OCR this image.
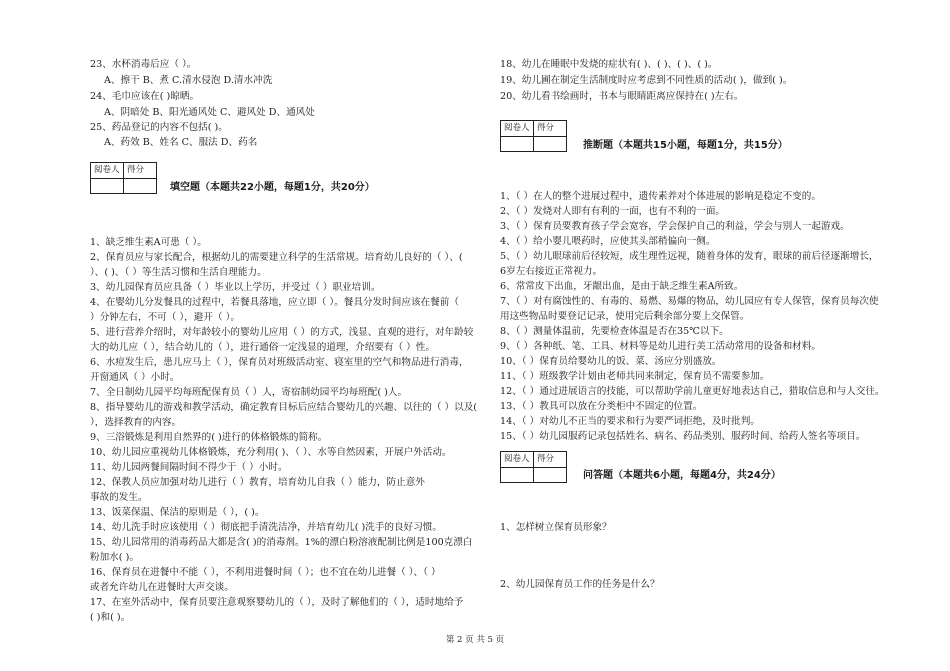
23、水杯消毒后应（ ）。
A、擦干 B、煮 C.清水侵泡 D.清水冲洗
24、毛巾应该在( )晾晒。
A、阴暗处 B、阳光通风处 C、避风处 D、通风处
25、药品登记的内容不包括( )。
A、药效 B、姓名 C、服法 D、药名
阅卷人	得分

填空题（本题共22小题，每题1分，共20分）
1、缺乏维生素A可患（ ）。
2、保育员应与家长配合，根据幼儿的需要建立科学的生活常规。培育幼儿良好的（ ）、(
）、( )、（ ）等生活习惯和生活自理能力。
3、幼儿园保育员应具备（ ）毕业以上学历，并受过（ ）职业培训。
4、在婴幼儿分发餐具的过程中，若餐具落地，应立即（ ）。餐具分发时间应该在餐前（
）分钟左右，不可（ ），避开（ ）。
5、进行营养介绍时，对年龄较小的婴幼儿应用（ ）的方式，浅显、直观的进行，对年龄较
大的幼儿应（ ），结合幼儿的（ ），进行通俗一定浅显的道理，介绍要有（ ）性。
6、水痘发生后，患儿应马上（ ），保育员对班级活动室、寝室里的空气和物品进行消毒，
开窗通风（ ）小时。
7、全日制幼儿园平均每班配保育员（ ）人，寄宿制幼园平均每班配( )人。
8、指导婴幼儿的游戏和教学活动，确定教育目标后应结合婴幼儿的兴趣、以往的（ ）以及(
），选择教育的内容。
9、三浴锻炼是利用自然界的( )进行的体格锻炼的简称。
10、幼儿园应重视幼儿体格锻炼，充分利用( )、（ ）、水等自然因素，开展户外活动。
11、幼儿园两餐间隔时间不得少于（ ）小时。
12、保教人员应加强对幼儿进行（ ）教育，培育幼儿自我（ ）能力，防止意外
事故的发生。
13、饭菜保温、保洁的原则是（ ），( )。
14、幼儿洗手时应该使用（ ）彻底把手清洗洁净，并培育幼儿( )洗手的良好习惯。
15、幼儿园常用的消毒药品大都是含( )的消毒剂。1%的漂白粉溶液配制比例是100克漂白
粉加水( )。
16、保育员在进餐中不能（ ），不利用进餐时间（ ）；也不宜在幼儿进餐（ ）、（ ）
或者允许幼儿在进餐时大声交谈。
17、在室外活动中，保育员要注意观察婴幼儿的（ ），及时了解他们的（ ），适时地给予
( )和( )。
18、幼儿在睡眠中发烧的症状有( )、( )、( )、( )。
19、幼儿圃在制定生活制度时应考虑到不同性质的活动( )，做到( )。
20、幼儿看书绘画时，书本与眼睛距离应保持在( )左右。
阅卷人	得分

推断题（本题共15小题，每题1分，共15分）
1、（ ）在人的整个进展过程中，遗传素养对个体进展的影响是稳定不变的。
2、（ ）发烧对人即有有利的一面，也有不利的一面。
3、（ ）保育员要教育孩子学会宽容，学会保护自己的利益，学会与别人一起游戏。
4、（ ）给小婴儿喂药时，应使其头部稍偏向一侧。
5、（ ）幼儿眼球前后径较短，成生理性远视，随着身体的发育，眼球的前后径逐渐增长，
6岁左右接近正常视力。
6、常常皮下出血，牙龈出血，是由于缺乏维生素A所致。
7、（ ）对有腐蚀性的、有毒的、易燃、易爆的物品，幼儿园应有专人保管，保育员每次使
用这些物品时要登记记录，使用完后剩余部分要上交保管。
8、（ ）测量体温前，先要检查体温是否在35℃以下。
9、（ ）各种纸、笔、工具、材料等是幼儿进行美工活动常用的设备和材料。
10、（ ）保育员给婴幼儿的饭、菜、汤应分别盛放。
11、（ ）班级教学计划由老师共同来制定，保育员不需要参加。
12、（ ）通过进展语言的技能，可以帮助学前儿童更好地表达自己，猎取信息和与人交往。
13、（ ）教具可以放在分类柜中不固定的位置。
14、（ ）对幼儿不正当的要求和行为要严词拒绝，及时批判。
15、（ ）幼儿园服药记录包括姓名、病名、药品类别、服药时间、给药人签名等项目。
阅卷人	得分

问答题（本题共6小题，每题4分，共24分）
1、怎样树立保育员形象？
2、幼儿园保育员工作的任务是什么？
第 2 页 共 5 页
